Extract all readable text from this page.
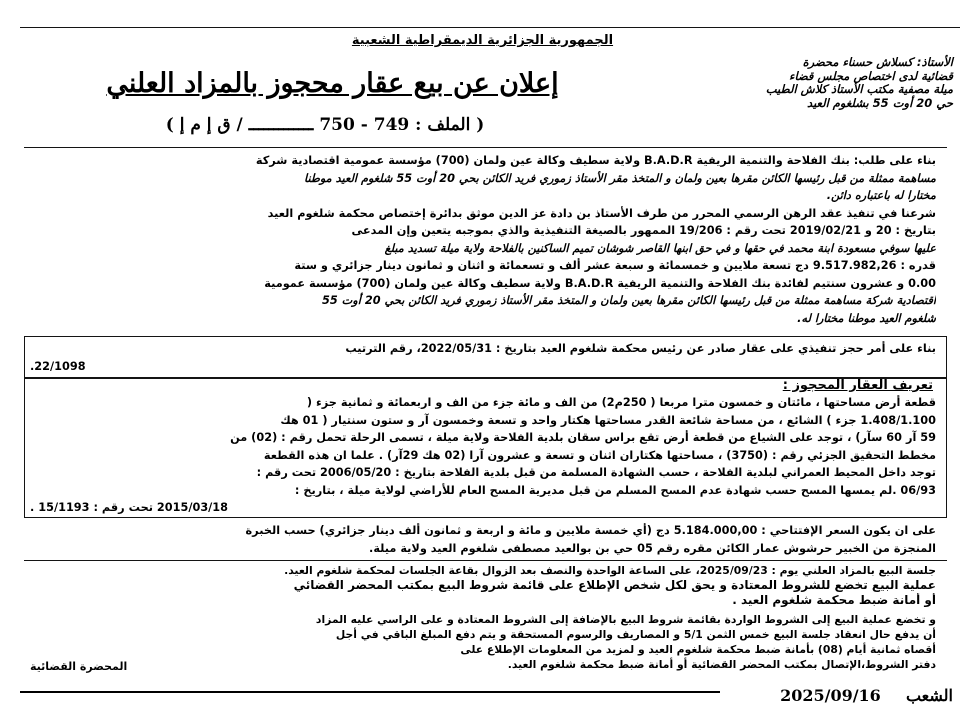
الجمهورية الجزائرية الديمقراطية الشعبية
الأستاذ: كسلاش حسناء محضرة
قضائية لدى اختصاص مجلس قضاء
ميلة مصفية مكتب الأستاذ كلاش الطيب
حي 20 أوت 55 بشلغوم العيد
إعلان عن بيع عقار محجوز بالمزاد العلني
( الملف : 749 - 750 ـــــــــــــ / ق إ م إ )
بناء على طلب: بنك الفلاحة والتنمية الريفية B.A.D.R ولاية سطيف وكالة عين ولمان (700) مؤسسة عمومية اقتصادية شركة
مساهمة ممثلة من قبل رئيسها الكائن مقرها بعين ولمان و المتخذ مقر الأستاذ زموري فريد الكائن بحي 20 أوت 55 شلغوم العيد موطنا
مختارا له باعتباره دائن.
شرعنا في تنفيذ عقد الرهن الرسمي المحرر من طرف الأستاذ بن دادة عز الدين موثق بدائرة إختصاص محكمة شلغوم العيد
بتاريخ : 20 و 2019/02/21 تحت رقم : 19/206 الممهور بالصيغة التنفيذية والذي بموجبه يتعين وإن المدعى
عليها سوفي مسعودة ابنة محمد في حقها و في حق ابنها القاصر شوشان تميم الساكنين بالفلاحة ولاية ميلة تسديد مبلغ
قدره : 9.517.982,26 دج تسعة ملايين و خمسمائة و سبعة عشر ألف و تسعمائة و اثنان و ثمانون دينار جزائري و ستة
0.00 و عشرون سنتيم لفائدة بنك الفلاحة والتنمية الريفية B.A.D.R ولاية سطيف وكالة عين ولمان (700) مؤسسة عمومية
اقتصادية شركة مساهمة ممثلة من قبل رئيسها الكائن مقرها بعين ولمان و المتخذ مقر الأستاذ زموري فريد الكائن بحي 20 أوت 55
شلغوم العيد موطنا مختارا له.
بناء على أمر حجز تنفيذي على عقار صادر عن رئيس محكمة شلغوم العيد بتاريخ : 2022/05/31، رقم الترتيب
22/1098.
تعريف العقار المحجوز :
قطعة أرض مساحتها ، مائتان و خمسون مترا مربعا ( 250م2) من الف و مائة جزء من الف و اربعمائة و ثمانية جزء (
1.408/1.100 جزء ) الشائع ، من مساحة شائعة القدر مساحتها هكتار واحد و تسعة وخمسون آر و ستون سنتيار ( 01 هك
59 آر 60 سآر) ، توجد على الشياع من قطعة أرض تقع براس سقان بلدية الفلاحة ولاية ميلة ، تسمى الرحلة تحمل رقم : (02) من
مخطط التحقيق الجزئي رقم : (3750) ، مساحتها هكتاران اثنان و تسعة و عشرون آرا (02 هك 29آر) . علما ان هذه القطعة
توجد داخل المحيط العمراني لبلدية الفلاحة ، حسب الشهادة المسلمة من قبل بلدية الفلاحة بتاريخ : 2006/05/20 تحت رقم :
06/93 .لم يمسها المسح حسب شهادة عدم المسح المسلم من قبل مديرية المسح العام للأراضي لولاية ميلة ، بتاريخ :
2015/03/18 تحت رقم : 15/1193 .
على ان يكون السعر الإفتتاحي : 5.184.000,00 دج (أي خمسة ملايين و مائة و اربعة و ثمانون ألف دينار جزائري) حسب الخبرة
المنجزة من الخبير حرشوش عمار الكائن مقره رقم 05 حي بن بوالعيد مصطفى شلغوم العيد ولاية ميلة.
جلسة البيع بالمزاد العلني يوم : 2025/09/23، على الساعة الواحدة والنصف بعد الزوال بقاعة الجلسات لمحكمة شلغوم العيد.
عملية البيع تخضع للشروط المعتادة و يحق لكل شخص الإطلاع على قائمة شروط البيع بمكتب المحضر القضائي
أو أمانة ضبط محكمة شلغوم العيد .
و تخضع عملية البيع إلى الشروط الواردة بقائمة شروط البيع بالإضافة إلى الشروط المعتادة و على الراسي عليه المزاد
أن يدفع حال انعقاد جلسة البيع خمس الثمن 5/1 و المصاريف والرسوم المستحقة و يتم دفع المبلغ الباقي في أجل
أقصاه ثمانية أيام (08) بأمانة ضبط محكمة شلغوم العيد و لمزيد من المعلومات الإطلاع على
دفتر الشروط،الإتصال بمكتب المحضر القضائية أو أمانة ضبط محكمة شلغوم العيد.
المحضرة القضائية
الشعب  2025/09/16
